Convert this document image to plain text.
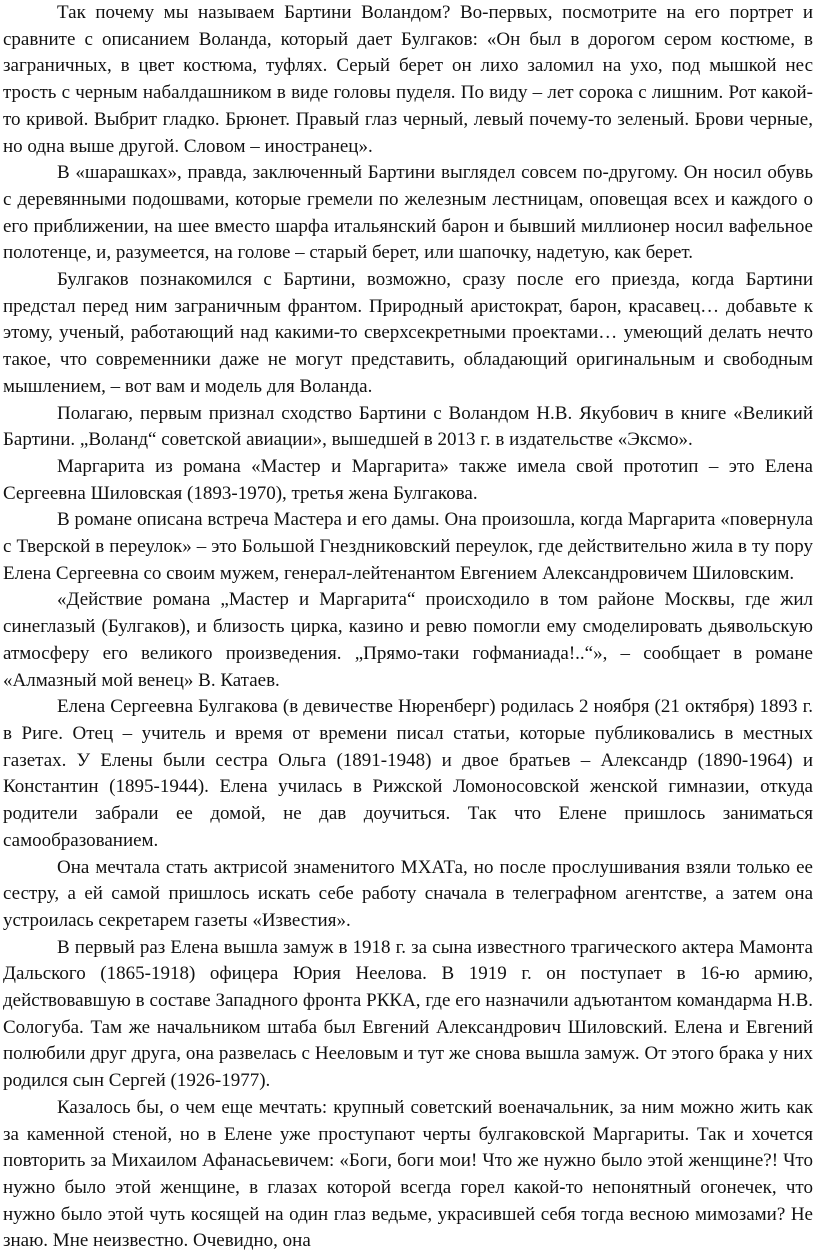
Так почему мы называем Бартини Воландом? Во-первых, посмотрите на его портрет и сравните с описанием Воланда, который дает Булгаков: «Он был в дорогом сером костюме, в заграничных, в цвет костюма, туфлях. Серый берет он лихо заломил на ухо, под мышкой нес трость с черным набалдашником в виде головы пуделя. По виду – лет сорока с лишним. Рот какой-то кривой. Выбрит гладко. Брюнет. Правый глаз черный, левый почему-то зеленый. Брови черные, но одна выше другой. Словом – иностранец».

В «шарашках», правда, заключенный Бартини выглядел совсем по-другому. Он носил обувь с деревянными подошвами, которые гремели по железным лестницам, оповещая всех и каждого о его приближении, на шее вместо шарфа итальянский барон и бывший миллионер носил вафельное полотенце, и, разумеется, на голове – старый берет, или шапочку, надетую, как берет.

Булгаков познакомился с Бартини, возможно, сразу после его приезда, когда Бартини предстал перед ним заграничным франтом. Природный аристократ, барон, красавец… добавьте к этому, ученый, работающий над какими-то сверхсекретными проектами… умеющий делать нечто такое, что современники даже не могут представить, обладающий оригинальным и свободным мышлением, – вот вам и модель для Воланда.

Полагаю, первым признал сходство Бартини с Воландом Н.В. Якубович в книге «Великий Бартини. „Воланд“ советской авиации», вышедшей в 2013 г. в издательстве «Эксмо».

Маргарита из романа «Мастер и Маргарита» также имела свой прототип – это Елена Сергеевна Шиловская (1893-1970), третья жена Булгакова.

В романе описана встреча Мастера и его дамы. Она произошла, когда Маргарита «повернула с Тверской в переулок» – это Большой Гнездниковский переулок, где действительно жила в ту пору Елена Сергеевна со своим мужем, генерал-лейтенантом Евгением Александровичем Шиловским.

«Действие романа „Мастер и Маргарита“ происходило в том районе Москвы, где жил синеглазый (Булгаков), и близость цирка, казино и ревю помогли ему смоделировать дьявольскую атмосферу его великого произведения. „Прямо-таки гофманиада!..“», – сообщает в романе «Алмазный мой венец» В. Катаев.

Елена Сергеевна Булгакова (в девичестве Нюренберг) родилась 2 ноября (21 октября) 1893 г. в Риге. Отец – учитель и время от времени писал статьи, которые публиковались в местных газетах. У Елены были сестра Ольга (1891-1948) и двое братьев – Александр (1890-1964) и Константин (1895-1944). Елена училась в Рижской Ломоносовской женской гимназии, откуда родители забрали ее домой, не дав доучиться. Так что Елене пришлось заниматься самообразованием.

Она мечтала стать актрисой знаменитого МХАТа, но после прослушивания взяли только ее сестру, а ей самой пришлось искать себе работу сначала в телеграфном агентстве, а затем она устроилась секретарем газеты «Известия».

В первый раз Елена вышла замуж в 1918 г. за сына известного трагического актера Мамонта Дальского (1865-1918) офицера Юрия Неелова. В 1919 г. он поступает в 16-ю армию, действовавшую в составе Западного фронта РККА, где его назначили адъютантом командарма Н.В. Сологуба. Там же начальником штаба был Евгений Александрович Шиловский. Елена и Евгений полюбили друг друга, она развелась с Нееловым и тут же снова вышла замуж. От этого брака у них родился сын Сергей (1926-1977).

Казалось бы, о чем еще мечтать: крупный советский военачальник, за ним можно жить как за каменной стеной, но в Елене уже проступают черты булгаковской Маргариты. Так и хочется повторить за Михаилом Афанасьевичем: «Боги, боги мои! Что же нужно было этой женщине?! Что нужно было этой женщине, в глазах которой всегда горел какой-то непонятный огонечек, что нужно было этой чуть косящей на один глаз ведьме, украсившей себя тогда весною мимозами? Не знаю. Мне неизвестно. Очевидно, она
